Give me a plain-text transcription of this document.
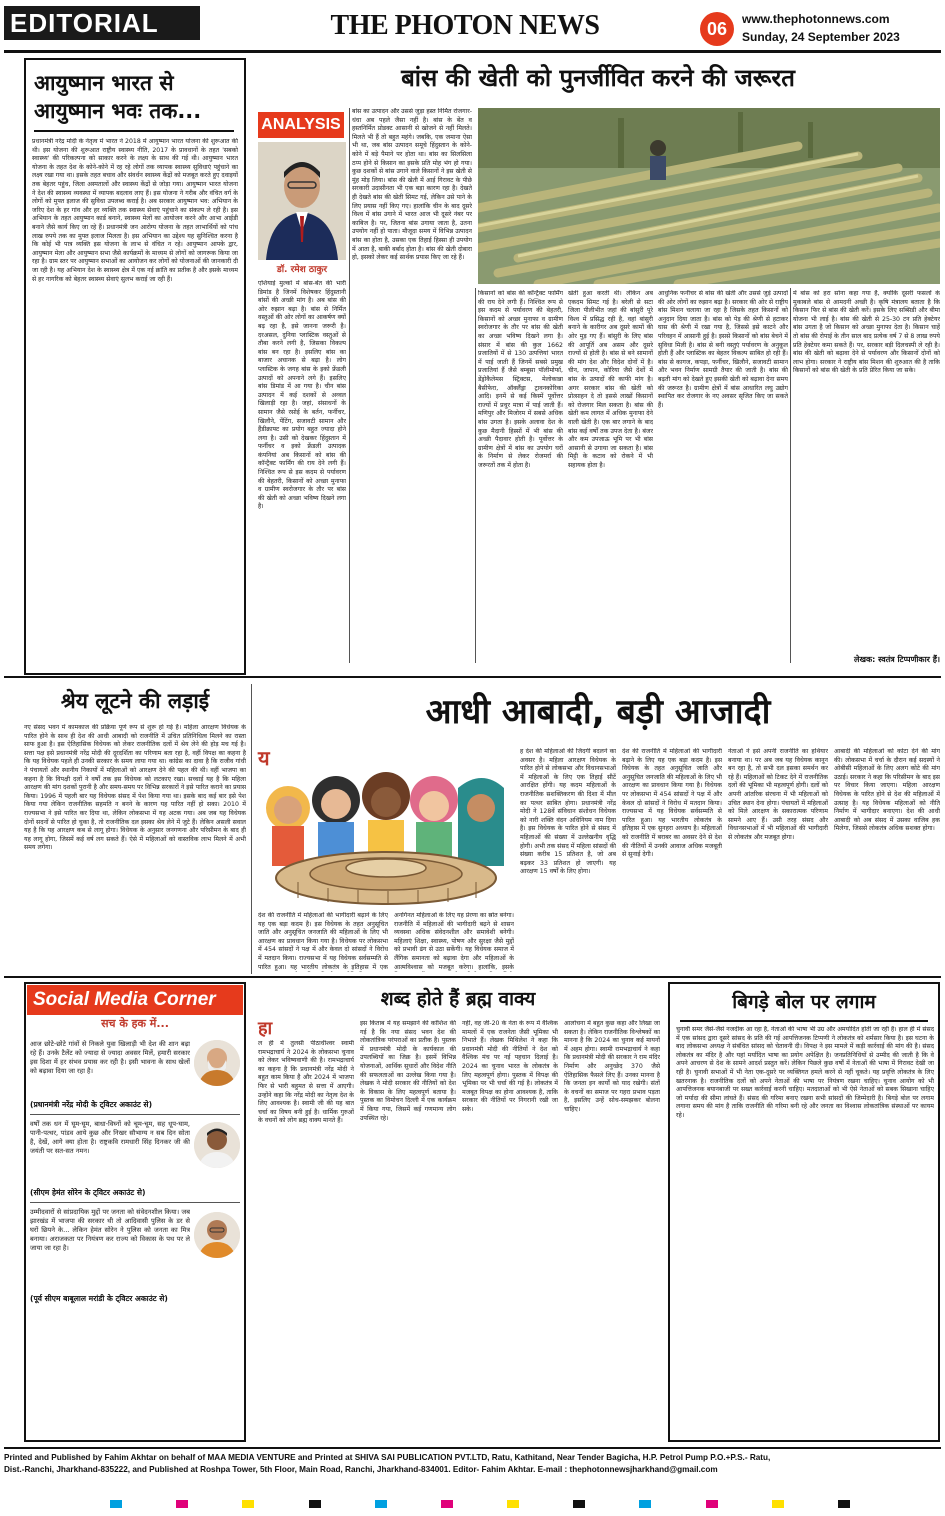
EDITORIAL	THE PHOTON NEWS	06	www.thephotonnews.com
Sunday, 24 September 2023
आयुष्मान भारत से
आयुष्मान भवः तक...
प्रधानमंत्री नरेंद्र मोदी के नेतृत्व में भारत ने 2018 में आयुष्मान भारत योजना की शुरूआत की थी। इस योजना की शुरूआत राष्ट्रीय स्वास्थ्य नीति, 2017 के प्रावधानों के तहत 'सबको स्वास्थ्य' की परिकल्पना को साकार करने के लक्ष्य के साथ की गई थी। आयुष्मान भारत योजना के तहत देश के कोने-कोने में रह रहे लोगों तक व्यापक स्वास्थ्य सुविधाएं पहुंचाने का लक्ष्य रखा गया था। इसके तहत बचाव और संवर्धन स्वास्थ्य केंद्रों को मजबूत करते हुए दवाइयों तक बेहतर पहुंच, जिला अस्पतालों और स्वास्थ्य केंद्रों से जोड़ा गया। आयुष्मान भारत योजना ने देश की स्वास्थ्य व्यवस्था में व्यापक बदलाव लाए हैं। इस योजना ने गरीब और वंचित वर्ग के लोगों को मुफ्त इलाज की सुविधा उपलब्ध कराई है। अब सरकार आयुष्मान भव: अभियान के जरिए देश के हर गांव और हर व्यक्ति तक स्वास्थ्य सेवाएं पहुंचाने का संकल्प ले रही है। इस अभियान के तहत आयुष्मान कार्ड बनाने, स्वास्थ्य मेलों का आयोजन करने और आभा आईडी बनाने जैसे कार्य किए जा रहे हैं। प्रधानमंत्री जन आरोग्य योजना के तहत लाभार्थियों को पांच लाख रुपये तक का मुफ्त इलाज मिलता है। इस अभियान का उद्देश्य यह सुनिश्चित करना है कि कोई भी पात्र व्यक्ति इस योजना के लाभ से वंचित न रहे। आयुष्मान आपके द्वार, आयुष्मान मेला और आयुष्मान सभा जैसे कार्यक्रमों के माध्यम से लोगों को जागरूक किया जा रहा है। ग्राम स्तर पर आयुष्मान सभाओं का आयोजन कर लोगों को योजनाओं की जानकारी दी जा रही है। यह अभियान देश के स्वास्थ्य क्षेत्र में एक नई क्रांति का प्रतीक है और इसके माध्यम से हर नागरिक को बेहतर स्वास्थ्य सेवाएं सुलभ कराई जा रही हैं।
ANALYSIS
बांस की खेती को पुनर्जीवित करने की जरूरत
डॉ. रमेश ठाकुर
एशियाई मुल्कों में बांस-बेंत की भारी डिमांड है जिनमें विशेषकर हिंदुस्तानी बांसों की अच्छी मांग है। अब बांस की ओर रुझान बढ़ा है। बांस से निर्मित वस्तुओं की ओर लोगों का आकर्षण क्यों बढ़ रहा है, इसे जानना जरूरी है। दरअसल, दुनिया प्लास्टिक वस्तुओं से तौबा करने लगी है, जिसका विकल्प बांस बन रहा है। इसलिए बांस का बाजार अचानक से बढ़ा है। लोग प्लास्टिक के जगह बांस के इको फ्रेंडली उत्पादों को अपनाने लगे हैं। इसलिए बांस डिमांड में आ गया है। चीन बांस उत्पादन में कई दशकों से अव्वल खिलाड़ी रहा है। जहां, संसाधनों के सामान जैसे रसोई के बर्तन, फर्नीचर, खिलौने, पेंटिंग, सजावटी सामान और हैंडीक्राफ्ट का प्रयोग बहुत ज्यादा होने लगा है। उसी को देखकर हिंदुस्तान में फर्नीचर व इको फ्रेंडली उत्पादक कंपनियां अब किसानों को बांस की कॉन्ट्रैक्ट फार्मिंग की राय देने लगी हैं। निश्चित रूप से इस कदम से पर्यावरण की बेहतरी, किसानों को अच्छा मुनाफा व ग्रामीण स्वरोजगार के तौर पर बांस की खेती को अच्छा भविष्य दिखने लगा है।
बांस का उत्पादन और उससे जुड़ा हस्त निर्मित रोजगार-धंधा अब पहले जैसा नहीं है। बांस के बेंत व हस्तनिर्मित प्रोडक्ट आसानी से खोजने से नहीं मिलते। मिलते भी हैं तो बहुत महंगे। जबकि, एक जमाना ऐसा भी था, जब बांस उत्पादन समूचे हिंदुस्तान के कोने-कोने में बड़े पैमाने पर होता था। बांस का सिलसिला ठप्प होने से किसान का इसके प्रति मोह भंग हो गया। कुछ दशकों से बांस उगाने वाले किसानों ने इस खेती से मुंह मोड़ लिया। बांस की खेती में आई गिरावट के पीछे सरकारी उदासीनता भी एक बड़ा कारण रहा है। देखते ही देखते बांस की खेती सिमट गई, लेकिन उसे पाने के लिए प्रयास नहीं किए गए। हालांकि चीन के बाद दूसरे विश्व में बांस उगाने में भारत आज भी दूसरे नंबर पर काबिज है। पर, जितना बांस उगाया जाता है, उतना उपयोग नहीं हो पाता। मौजूदा समय में विभिन्न उत्पादन बांस का होता है, उसका एक तिहाई हिस्सा ही उपयोग में आता है, बाकी बर्बाद होता है। बांस की खेती दोबारा हो, इसको लेकर कई सार्थक प्रयास किए जा रहे हैं।
किसानों को बांस की कॉन्ट्रैक्ट फार्मिंग की राय देने लगी हैं। निश्चित रूप से इस कदम से पर्यावरण की बेहतरी, किसानों को अच्छा मुनाफा व ग्रामीण स्वरोजगार के तौर पर बांस की खेती का अच्छा भविष्य दिखने लगा है। संसार में बांस की कुल 1662 प्रजातियों में से 130 उत्पत्तियां भारत में पाई जाती हैं जिनमें सबसे प्रमुख प्रजातियां हैं जैसे बम्बूसा पॉलीमोर्फा, डेंड्रोकैलेमस स्ट्रिक्टस, मेलोकान्ना बैसीफेरा, ऑक्लैंड्रा ट्रावनकोरिका आदि। इनमें से कई किस्में पूर्वोत्तर राज्यों में प्रचुर मात्रा में पाई जाती हैं। मणिपुर और मिजोरम में सबसे अधिक बांस उगता है। इसके अलावा देश के कुछ मैदानी हिस्सों में भी बांस की अच्छी पैदावार होती है। पूर्वोत्तर के ग्रामीण क्षेत्रों में बांस का उपयोग घरों के निर्माण से लेकर रोजमर्रा की जरूरतों तक में होता है।
खेती हुआ करती थी। लेकिन अब एकदम सिमट गई है। बरेली से सटा जिला पीलीभीत जहां की बांसुरी पूरे विश्व में प्रसिद्ध रही है, वहां बांसुरी बनाने के कारीगर अब दूसरे कामों की ओर मुड़ गए हैं। बांसुरी के लिए बांस की आपूर्ति अब असम और दूसरे राज्यों से होती है। बांस से बने सामानों की मांग देश और विदेश दोनों में है। चीन, जापान, कोरिया जैसे देशों में बांस के उत्पादों की काफी मांग है। अगर सरकार बांस की खेती को प्रोत्साहन दे तो इससे लाखों किसानों को रोजगार मिल सकता है। बांस की खेती कम लागत में अधिक मुनाफा देने वाली खेती है। एक बार लगाने के बाद बांस कई वर्षों तक उपज देता है। बंजर और कम उपजाऊ भूमि पर भी बांस आसानी से उगाया जा सकता है। बांस मिट्टी के कटाव को रोकने में भी सहायक होता है।
आधुनिक फर्नीचर से बांस की खेती और उससे जुड़े उत्पादों की ओर लोगों का रुझान बढ़ा है। सरकार की ओर से राष्ट्रीय बांस मिशन चलाया जा रहा है जिसके तहत किसानों को अनुदान दिया जाता है। बांस को पेड़ की श्रेणी से हटाकर घास की श्रेणी में रखा गया है, जिससे इसे काटने और परिवहन में आसानी हुई है। इससे किसानों को बांस बेचने में सुविधा मिली है। बांस से बनी वस्तुएं पर्यावरण के अनुकूल होती हैं और प्लास्टिक का बेहतर विकल्प साबित हो रही हैं। बांस से कागज, कपड़ा, फर्नीचर, खिलौने, सजावटी सामान और भवन निर्माण सामग्री तैयार की जाती है। बांस की बढ़ती मांग को देखते हुए इसकी खेती को बढ़ावा देना समय की जरूरत है। ग्रामीण क्षेत्रों में बांस आधारित लघु उद्योग स्थापित कर रोजगार के नए अवसर सृजित किए जा सकते हैं।
में बांस को हरा सोना कहा गया है, क्योंकि दूसरी फसलों के मुकाबले बांस से आमदनी अच्छी है। कृषि मंत्रालय बताता है कि किसान फिर से बांस की खेती करें। इसके लिए सब्सिडी और बीमा योजना भी लाई है। बांस की खेती से 25-30 टन प्रति हेक्टेयर बांस उगता है जो किसान को अच्छा मुनाफा देता है। किसान चाहें तो बांस की रोपाई के तीन साल बाद प्रत्येक वर्ष 7 से 8 लाख रुपये प्रति हेक्टेयर कमा सकते हैं। पर, सरकार बड़ी दिलचस्पी ले रही है। बांस की खेती को बढ़ावा देने से पर्यावरण और किसानों दोनों को लाभ होगा। सरकार ने राष्ट्रीय बांस मिशन की शुरुआत की है ताकि किसानों को बांस की खेती के प्रति प्रेरित किया जा सके।
लेखक: स्वतंत्र टिप्पणीकार हैं।
श्रेय लूटने की लड़ाई
नए संसद भवन में कामकाज की प्रक्रिया पूर्ण रूप से शुरू हो गई है। महिला आरक्षण विधेयक के पारित होने के साथ ही देश की आधी आबादी को राजनीति में उचित प्रतिनिधित्व मिलने का रास्ता साफ हुआ है। इस ऐतिहासिक विधेयक को लेकर राजनीतिक दलों में श्रेय लेने की होड़ मच गई है। सत्ता पक्ष इसे प्रधानमंत्री नरेंद्र मोदी की दूरदर्शिता का परिणाम बता रहा है, वहीं विपक्ष का कहना है कि यह विधेयक पहले ही उनकी सरकार के समय लाया गया था। कांग्रेस का दावा है कि राजीव गांधी ने पंचायतों और स्थानीय निकायों में महिलाओं को आरक्षण देने की पहल की थी। वहीं भाजपा का कहना है कि विपक्षी दलों ने वर्षों तक इस विधेयक को लटकाए रखा। सच्चाई यह है कि महिला आरक्षण की मांग दशकों पुरानी है और समय-समय पर विभिन्न सरकारों ने इसे पारित कराने का प्रयास किया। 1996 में पहली बार यह विधेयक संसद में पेश किया गया था। इसके बाद कई बार इसे पेश किया गया लेकिन राजनीतिक सहमति न बनने के कारण यह पारित नहीं हो सका। 2010 में राज्यसभा ने इसे पारित कर दिया था, लेकिन लोकसभा में यह अटक गया। अब जब यह विधेयक दोनों सदनों से पारित हो चुका है, तो राजनीतिक दल इसका श्रेय लेने में जुटे हैं। लेकिन असली सवाल यह है कि यह आरक्षण कब से लागू होगा। विधेयक के अनुसार जनगणना और परिसीमन के बाद ही यह लागू होगा, जिसमें कई वर्ष लग सकते हैं। ऐसे में महिलाओं को वास्तविक लाभ मिलने में अभी समय लगेगा।
आधी आबादी, बड़ी आजादी
य
देश की राजनीति में महिलाओं की भागीदारी बढ़ाने के लिए यह एक बड़ा कदम है। इस विधेयक के तहत अनुसूचित जाति और अनुसूचित जनजाति की महिलाओं के लिए भी आरक्षण का प्रावधान किया गया है। विधेयक पर लोकसभा में 454 सांसदों ने पक्ष में और केवल दो सांसदों ने विरोध में मतदान किया। राज्यसभा में यह विधेयक सर्वसम्मति से पारित हुआ। यह भारतीय लोकतंत्र के इतिहास में एक
अनगिनत महिलाओं के लिए यह प्रेरणा का स्रोत बनेगा। राजनीति में महिलाओं की भागीदारी बढ़ने से शासन व्यवस्था अधिक संवेदनशील और समावेशी बनेगी। महिलाएं शिक्षा, स्वास्थ्य, पोषण और सुरक्षा जैसे मुद्दों को प्रभावी ढंग से उठा सकेंगी। यह विधेयक समाज में लैंगिक समानता को बढ़ावा देगा और महिलाओं के आत्मविश्वास को मजबूत करेगा। हालांकि, इसके
ह देश की महिलाओं की जिंदगी बदलने का अवसर है। महिला आरक्षण विधेयक के पारित होने से लोकसभा और विधानसभाओं में महिलाओं के लिए एक तिहाई सीटें आरक्षित होंगी। यह कदम महिलाओं के राजनीतिक सशक्तिकरण की दिशा में मील का पत्थर साबित होगा। प्रधानमंत्री नरेंद्र मोदी ने 128वें संविधान संशोधन विधेयक को नारी शक्ति वंदन अधिनियम नाम दिया है। इस विधेयक के पारित होने से संसद में महिलाओं की संख्या में उल्लेखनीय वृद्धि होगी। अभी तक संसद में महिला सांसदों की संख्या करीब 15 प्रतिशत है, जो अब बढ़कर 33 प्रतिशत हो जाएगी। यह आरक्षण 15 वर्षों के लिए होगा।
देश की राजनीति में महिलाओं की भागीदारी बढ़ाने के लिए यह एक बड़ा कदम है। इस विधेयक के तहत अनुसूचित जाति और अनुसूचित जनजाति की महिलाओं के लिए भी आरक्षण का प्रावधान किया गया है। विधेयक पर लोकसभा में 454 सांसदों ने पक्ष में और केवल दो सांसदों ने विरोध में मतदान किया। राज्यसभा में यह विधेयक सर्वसम्मति से पारित हुआ। यह भारतीय लोकतंत्र के इतिहास में एक सुनहरा अध्याय है। महिलाओं को राजनीति में बराबर का अवसर देने से देश की नीतियों में उनकी आवाज अधिक मजबूती से सुनाई देगी।
नेताओं ने इसे अपनी राजनीति का हथियार बनाया था। पर अब जब यह विधेयक कानून बन रहा है, तो सभी दल इसका समर्थन कर रहे हैं। महिलाओं को टिकट देने में राजनीतिक दलों की भूमिका भी महत्वपूर्ण होगी। दलों को अपनी आंतरिक संरचना में भी महिलाओं को उचित स्थान देना होगा। पंचायतों में महिलाओं को मिले आरक्षण के सकारात्मक परिणाम सामने आए हैं। उसी तरह संसद और विधानसभाओं में भी महिलाओं की भागीदारी से लोकतंत्र और मजबूत होगा।
आबादी की महिलाओं को कोटा देने की मांग की। लोकसभा में चर्चा के दौरान कई सदस्यों ने ओबीसी महिलाओं के लिए अलग कोटे की मांग उठाई। सरकार ने कहा कि परिसीमन के बाद इस पर विचार किया जाएगा। महिला आरक्षण विधेयक के पारित होने से देश की महिलाओं में उत्साह है। यह विधेयक महिलाओं को नीति निर्माण में भागीदार बनाएगा। देश की आधी आबादी को अब संसद में उसका वाजिब हक मिलेगा, जिससे लोकतंत्र अधिक सशक्त होगा।
Social Media Corner
सच के हक में...
आज छोटे-छोटे गांवों से निकले युवा खिलाड़ी भी देश की शान बढ़ा रहे हैं। उनके टैलेंट को ज्यादा से ज्यादा अवसर मिलें, हमारी सरकार इस दिशा में हर संभव प्रयास कर रही है। इसी भावना के साथ खेलों को बढ़ावा दिया जा रहा है।
(प्रधानमंत्री नरेंद्र मोदी के ट्विटर अकाउंट से)
वर्षों तक धन में घूम-घूम, बाधा-विघ्नों को चूम-चूम, सह धूप-घाम, पानी-पत्थर, पांडव आये कुछ और निखर सौभाग्य न सब दिन सोता है, देखें, आगे क्या होता है। राष्ट्रकवि रामधारी सिंह दिनकर जी की जयंती पर सत-सत नमन।
(सीएम हेमंत सोरेन के ट्विटर अकाउंट से)
उम्मीदवारों से सांप्रदायिक मुद्दों पर जनता को संवेदनशील किया। जब झारखंड में भाजपा की सरकार थी तो आदिवासी पुलिस के डर से घरों छिपने के... लेकिन हेमंत सोरेन ने पुलिस को जनता का मित्र बनाया। अराजकता पर नियंत्रण कर राज्य को विकास के पथ पर ले जाया जा रहा है।
(पूर्व सीएम बाबूलाल मरांडी के ट्विटर अकाउंट से)
शब्द होते हैं ब्रह्म वाक्य
हा
ल ही में तुलसी पीठाधीश्वर स्वामी रामभद्राचार्य ने 2024 के लोकसभा चुनाव को लेकर भविष्यवाणी की है। रामभद्राचार्य का कहना है कि प्रधानमंत्री नरेंद्र मोदी ने बहुत काम किया है और 2024 में भाजपा फिर से भारी बहुमत से सत्ता में आएगी। उन्होंने कहा कि नरेंद्र मोदी का नेतृत्व देश के लिए आवश्यक है। स्वामी जी की यह बात चर्चा का विषय बनी हुई है। धार्मिक गुरुओं के वचनों को लोग ब्रह्म वाक्य मानते हैं।
इस किताब में यह समझाने की कोशिश की गई है कि नया संसद भवन देश की लोकतांत्रिक परंपराओं का प्रतीक है। पुस्तक में प्रधानमंत्री मोदी के कार्यकाल की उपलब्धियों का जिक्र है। इसमें विभिन्न योजनाओं, आर्थिक सुधारों और विदेश नीति की सफलताओं का उल्लेख किया गया है। लेखक ने मोदी सरकार की नीतियों को देश के विकास के लिए महत्वपूर्ण बताया है। पुस्तक का विमोचन दिल्ली में एक कार्यक्रम में किया गया, जिसमें कई गणमान्य लोग उपस्थित रहे।
नहीं, वह जी-20 के नेता के रूप में वैश्विक मामलों में एक राजनेता जैसी भूमिका भी निभाते हैं। लेखक मिथिलेश ने कहा कि प्रधानमंत्री मोदी की नीतियों ने देश को वैश्विक मंच पर नई पहचान दिलाई है। 2024 का चुनाव भारत के लोकतंत्र के लिए महत्वपूर्ण होगा। पुस्तक में विपक्ष की भूमिका पर भी चर्चा की गई है। लोकतंत्र में मजबूत विपक्ष का होना आवश्यक है, ताकि सरकार की नीतियों पर निगरानी रखी जा सके।
आलोचना में बहुत कुछ कहा और लिखा जा सकता है। लेकिन राजनीतिक विश्लेषकों का मानना है कि 2024 का चुनाव कई मायनों में अहम होगा। स्वामी रामभद्राचार्य ने कहा कि प्रधानमंत्री मोदी की सरकार ने राम मंदिर निर्माण और अनुच्छेद 370 जैसे ऐतिहासिक फैसले लिए हैं। उनका मानना है कि जनता इन कार्यों को याद रखेगी। संतों के वचनों का समाज पर गहरा प्रभाव पड़ता है, इसलिए उन्हें सोच-समझकर बोलना चाहिए।
बिगड़े बोल पर लगाम
चुनावी समर जैसे-जैसे नजदीक आ रहा है, नेताओं की भाषा भी उग्र और अमर्यादित होती जा रही है। हाल ही में संसद में एक सांसद द्वारा दूसरे सांसद के प्रति की गई आपत्तिजनक टिप्पणी ने लोकतंत्र को शर्मसार किया है। इस घटना के बाद लोकसभा अध्यक्ष ने संबंधित सांसद को चेतावनी दी। विपक्ष ने इस मामले में कड़ी कार्रवाई की मांग की है। संसद लोकतंत्र का मंदिर है और यहां मर्यादित भाषा का प्रयोग अपेक्षित है। जनप्रतिनिधियों से उम्मीद की जाती है कि वे अपने आचरण से देश के सामने आदर्श प्रस्तुत करें। लेकिन पिछले कुछ वर्षों में नेताओं की भाषा में गिरावट देखी जा रही है। चुनावी सभाओं में भी नेता एक-दूसरे पर व्यक्तिगत हमले करने से नहीं चूकते। यह प्रवृत्ति लोकतंत्र के लिए खतरनाक है। राजनीतिक दलों को अपने नेताओं की भाषा पर नियंत्रण रखना चाहिए। चुनाव आयोग को भी आपत्तिजनक बयानबाजी पर सख्त कार्रवाई करनी चाहिए। मतदाताओं को भी ऐसे नेताओं को सबक सिखाना चाहिए जो मर्यादा की सीमा लांघते हैं। संसद की गरिमा बनाए रखना सभी सांसदों की जिम्मेदारी है। बिगड़े बोल पर लगाम लगाना समय की मांग है ताकि राजनीति की गरिमा बनी रहे और जनता का विश्वास लोकतांत्रिक संस्थाओं पर कायम रहे।
Printed and Published by Fahim Akhtar on behalf of MAA MEDIA VENTURE and Printed at SHIVA SAI PUBLICATION PVT.LTD, Ratu, Kathitand, Near Tender Bagicha, H.P. Petrol Pump P.O.+P.S.- Ratu,
Dist.-Ranchi, Jharkhand-835222, and Published at Roshpa Tower, 5th Floor, Main Road, Ranchi, Jharkhand-834001. Editor- Fahim Akhtar. E-mail : thephotonnewsjharkhand@gmail.com
